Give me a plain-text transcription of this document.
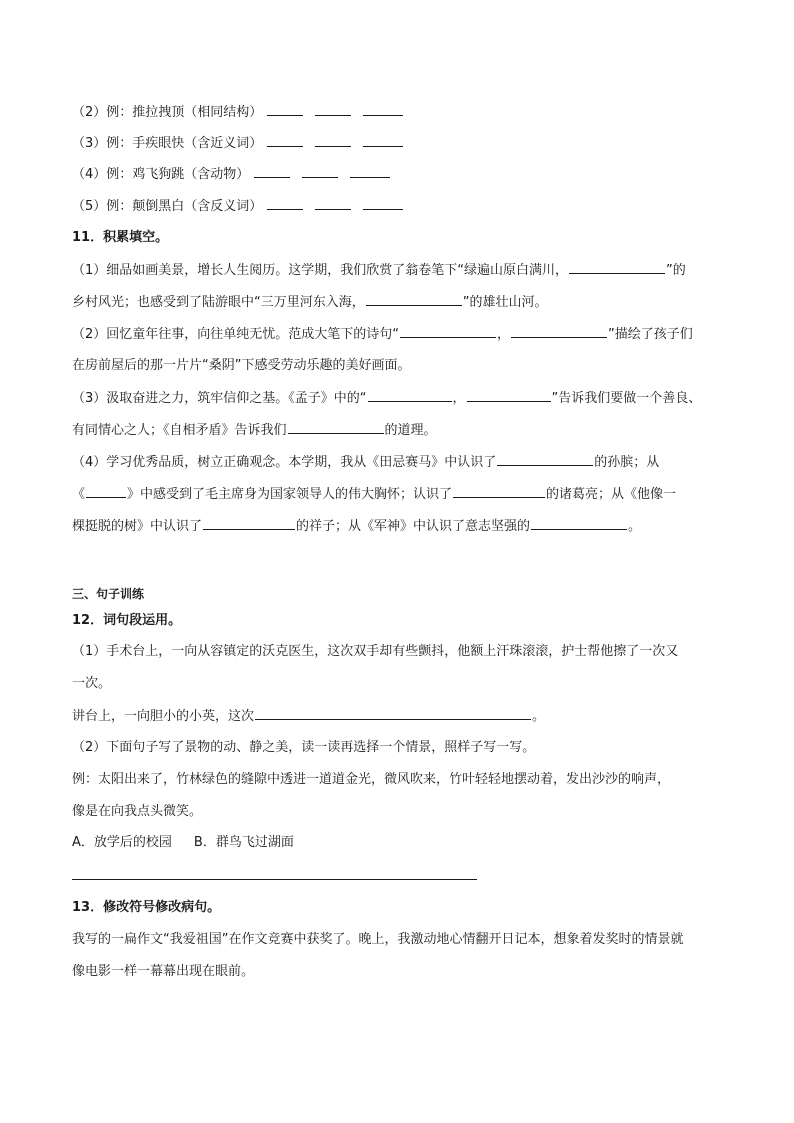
（2）例：推拉拽顶（相同结构）
（3）例：手疾眼快（含近义词）
（4）例：鸡飞狗跳（含动物）
（5）例：颠倒黑白（含反义词）
11．积累填空。
（1）细品如画美景，增长人生阅历。这学期，我们欣赏了翁卷笔下“绿遍山原白满川，	”的
乡村风光；也感受到了陆游眼中“三万里河东入海，	”的雄壮山河。
（2）回忆童年往事，向往单纯无忧。范成大笔下的诗句“	，	”描绘了孩子们
在房前屋后的那一片片“桑阴”下感受劳动乐趣的美好画面。
（3）汲取奋进之力，筑牢信仰之基。《孟子》中的“	，	”告诉我们要做一个善良、
有同情心之人；《自相矛盾》告诉我们	的道理。
（4）学习优秀品质，树立正确观念。本学期，我从《田忌赛马》中认识了	的孙膑；从
《	》中感受到了毛主席身为国家领导人的伟大胸怀；认识了	的诸葛亮；从《他像一
棵挺脱的树》中认识了	的祥子；从《军神》中认识了意志坚强的	。
三、句子训练
12．词句段运用。
（1）手术台上，一向从容镇定的沃克医生，这次双手却有些颤抖，他额上汗珠滚滚，护士帮他擦了一次又
一次。
讲台上，一向胆小的小英，这次	。
（2）下面句子写了景物的动、静之美，读一读再选择一个情景，照样子写一写。
例：太阳出来了，竹林绿色的缝隙中透进一道道金光，微风吹来，竹叶轻轻地摆动着，发出沙沙的响声，
像是在向我点头微笑。
A．放学后的校园 B．群鸟飞过湖面
13．修改符号修改病句。
我写的一扁作文“我爱祖国”在作文竞赛中获奖了。晚上，我激动地心情翻开日记本，想象着发奖时的情景就
像电影一样一幕幕出现在眼前。
